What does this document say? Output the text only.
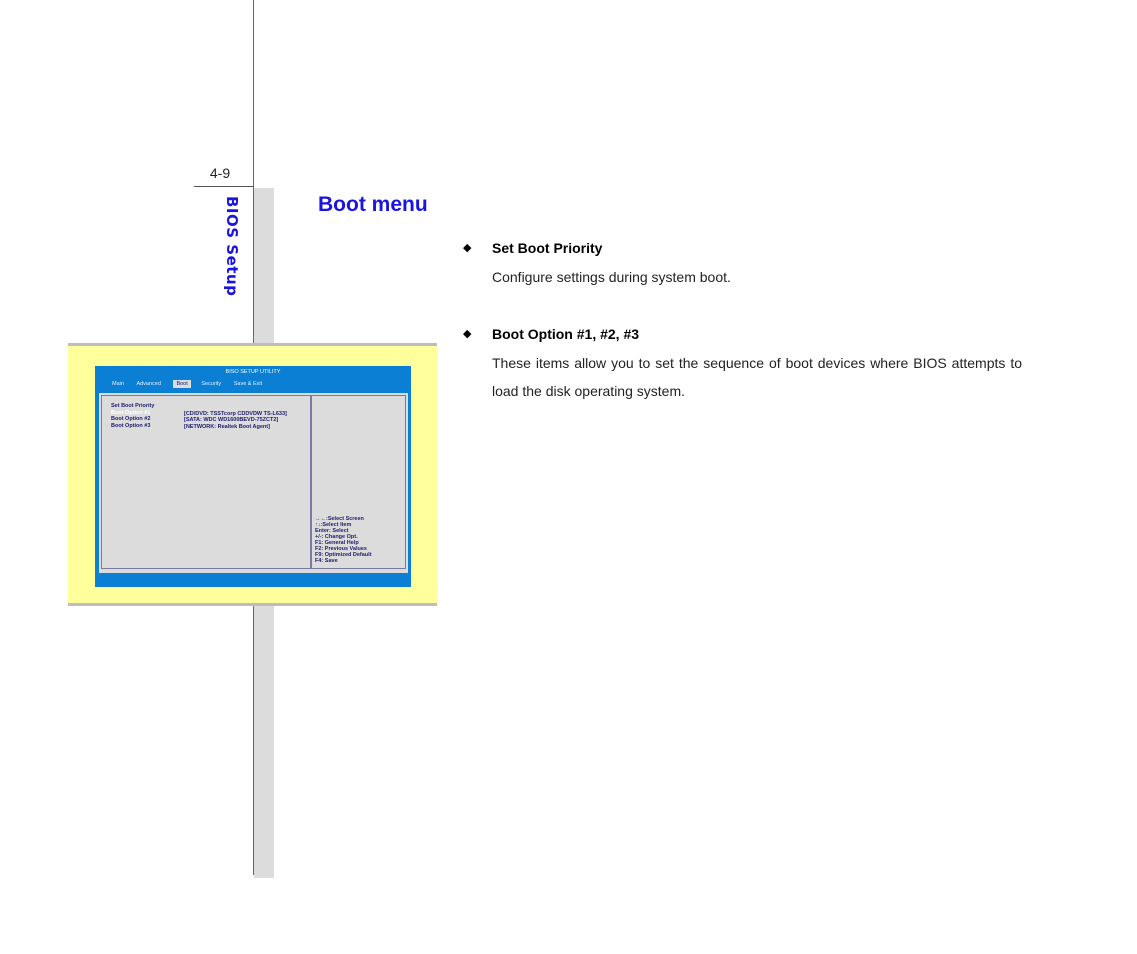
4-9
BIOS Setup	Boot menu
◆ Set Boot Priority
Configure settings during system boot.
◆ Boot Option #1, #2, #3
These items allow you to set the sequence of boot devices where BIOS attempts to load the disk operating system.
BISO SETUP UTILITY
Main Advanced	Boot Security Save & Exit
Set Boot Priority
Boot Option #1	[CD/DVD: TSSTcorp CDDVDW TS-L633]
Boot Option #2	[SATA: WDC WD1600BEVD-75ZCT2]
Boot Option #3	[NETWORK: Realtek Boot Agent]
→←:Select Screen
↑↓:Select Item
Enter: Select
+/-: Change Opt.
F1: General Help
F2: Previous Values
F9: Optimized Default
F4: Save
